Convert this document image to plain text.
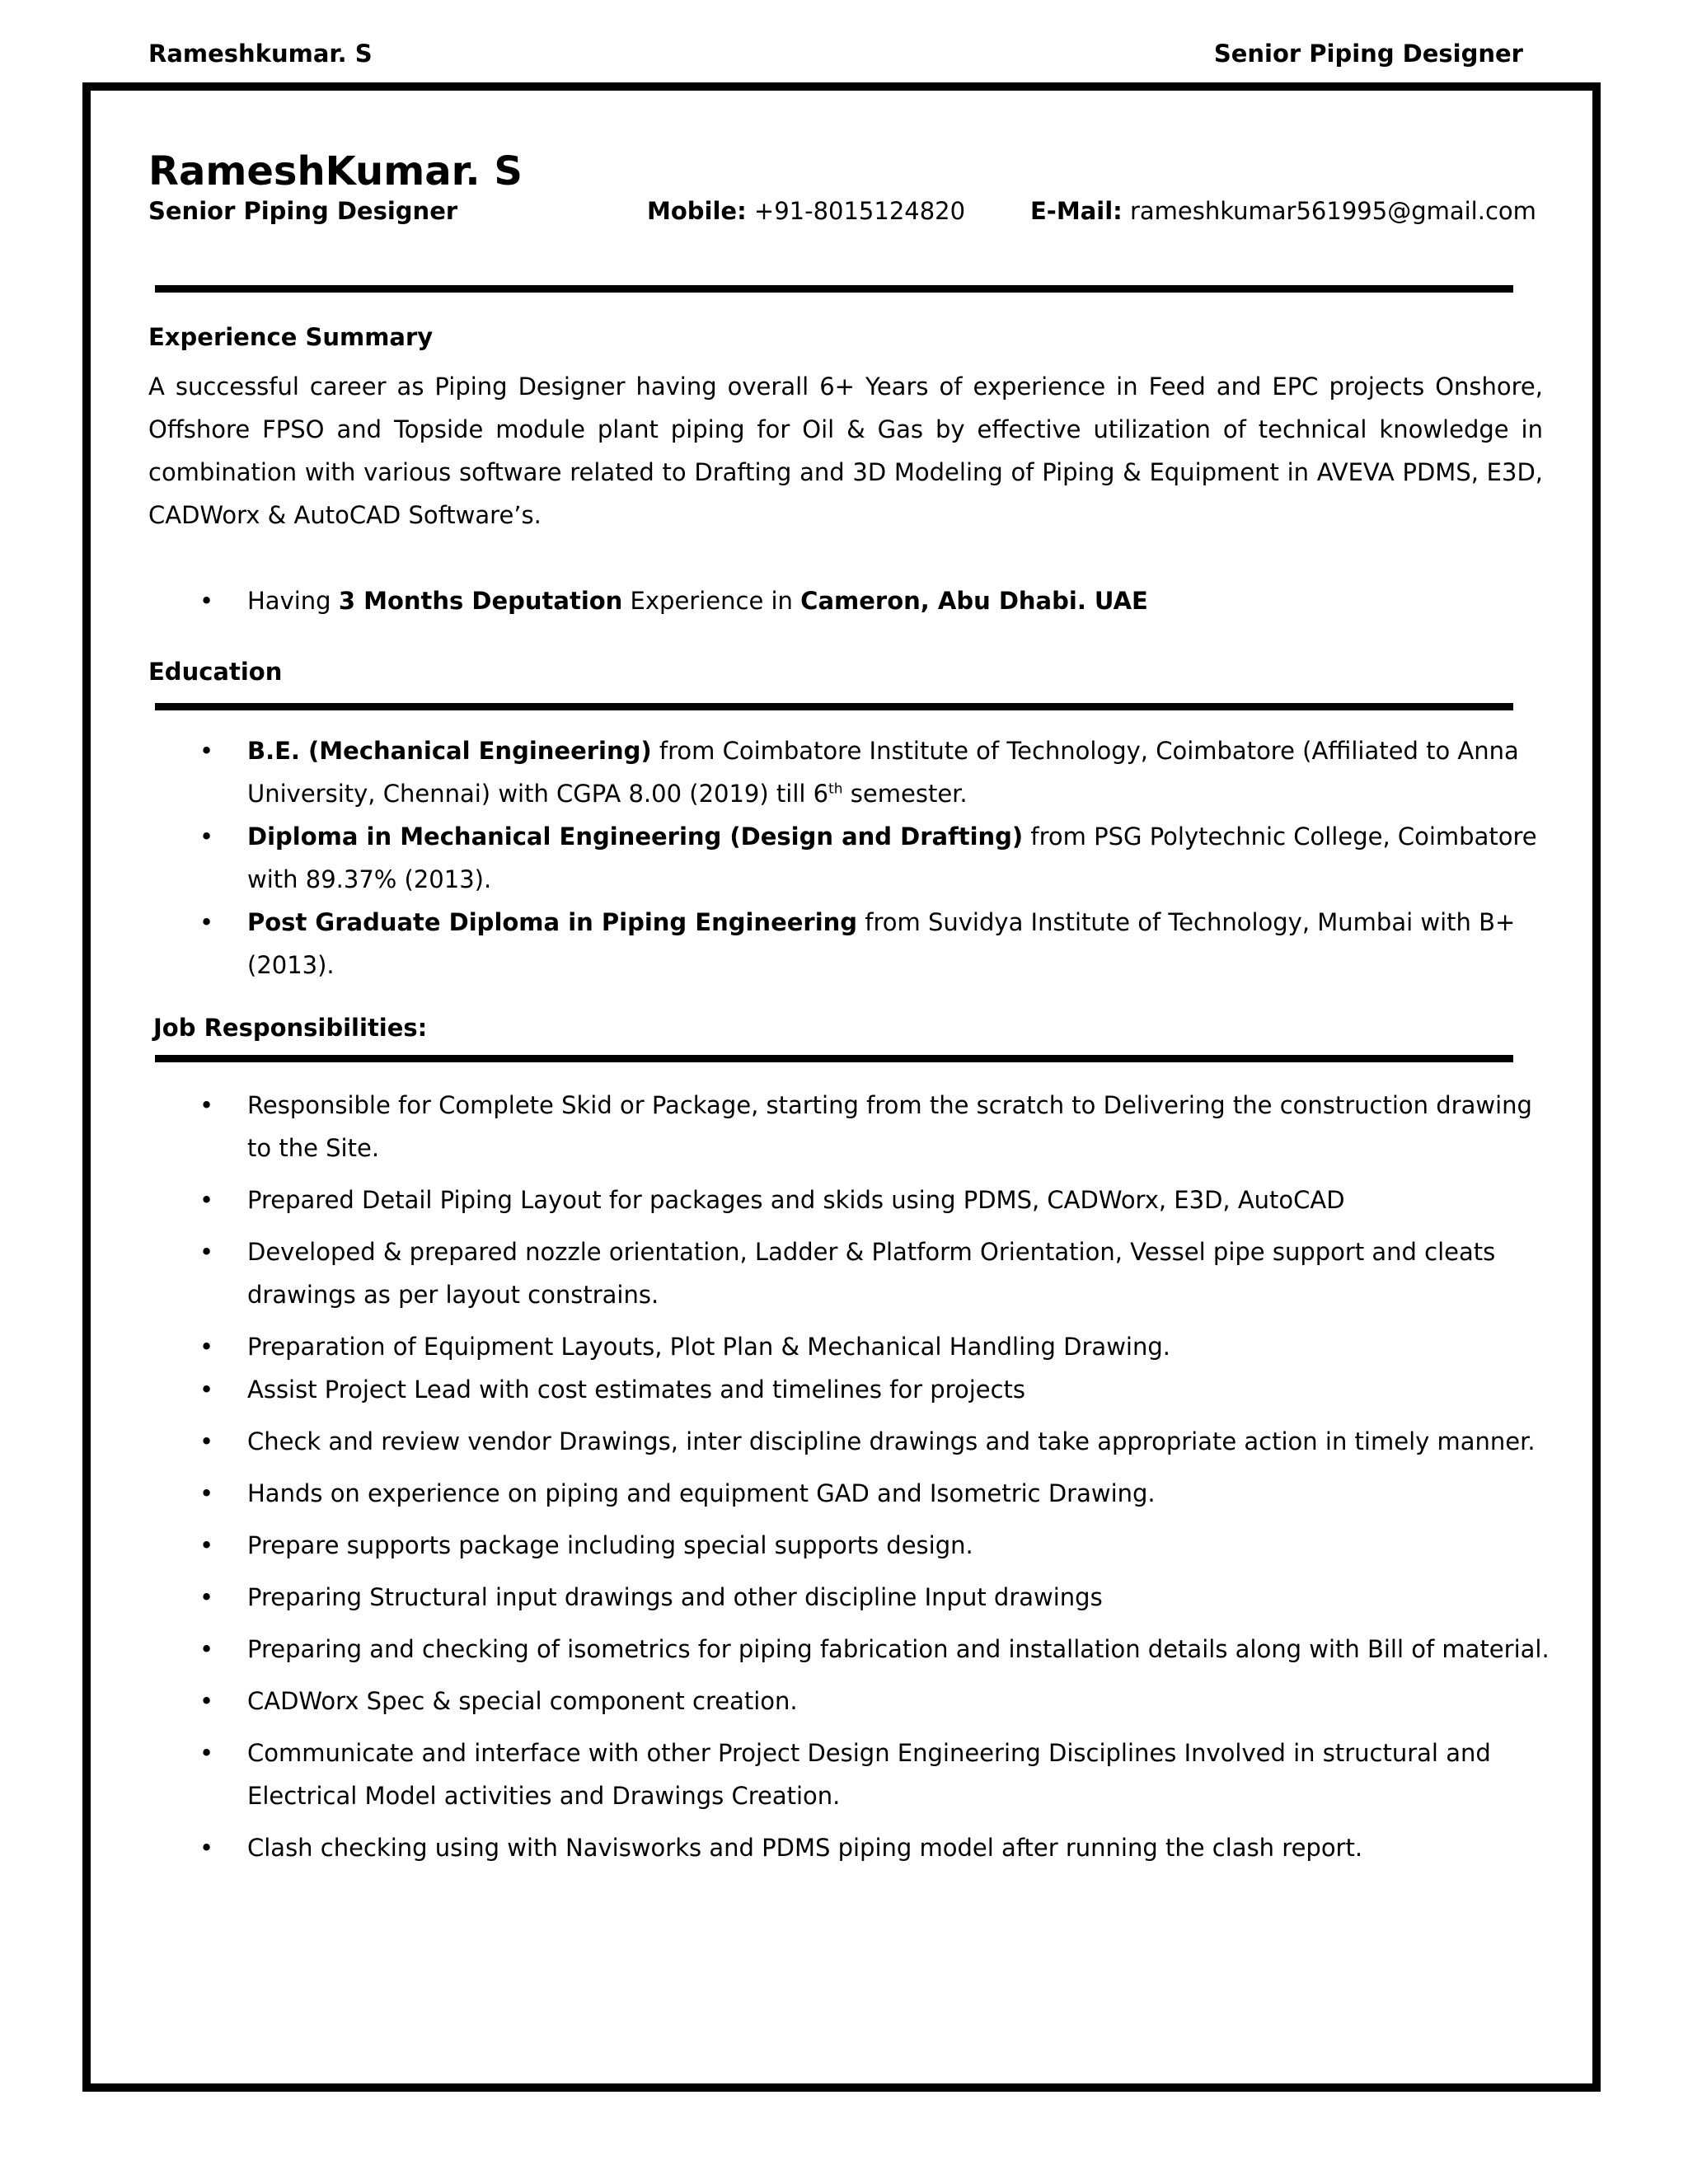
Rameshkumar. S	Senior Piping Designer
RameshKumar. S
Senior Piping Designer	Mobile: +91-8015124820	E-Mail: rameshkumar561995@gmail.com
Experience Summary
A successful career as Piping Designer having overall 6+ Years of experience in Feed and EPC projects Onshore, Offshore FPSO and Topside module plant piping for Oil & Gas by effective utilization of technical knowledge in combination with various software related to Drafting and 3D Modeling of Piping & Equipment in AVEVA PDMS, E3D, CADWorx & AutoCAD Software’s.
• Having 3 Months Deputation Experience in Cameron, Abu Dhabi. UAE
Education
• B.E. (Mechanical Engineering) from Coimbatore Institute of Technology, Coimbatore (Affiliated to Anna University, Chennai) with CGPA 8.00 (2019) till 6th semester.
• Diploma in Mechanical Engineering (Design and Drafting) from PSG Polytechnic College, Coimbatore with 89.37% (2013).
• Post Graduate Diploma in Piping Engineering from Suvidya Institute of Technology, Mumbai with B+ (2013).
Job Responsibilities:
• Responsible for Complete Skid or Package, starting from the scratch to Delivering the construction drawing to the Site.
• Prepared Detail Piping Layout for packages and skids using PDMS, CADWorx, E3D, AutoCAD
• Developed & prepared nozzle orientation, Ladder & Platform Orientation, Vessel pipe support and cleats drawings as per layout constrains.
• Preparation of Equipment Layouts, Plot Plan & Mechanical Handling Drawing.
• Assist Project Lead with cost estimates and timelines for projects
• Check and review vendor Drawings, inter discipline drawings and take appropriate action in timely manner.
• Hands on experience on piping and equipment GAD and Isometric Drawing.
• Prepare supports package including special supports design.
• Preparing Structural input drawings and other discipline Input drawings
• Preparing and checking of isometrics for piping fabrication and installation details along with Bill of material.
• CADWorx Spec & special component creation.
• Communicate and interface with other Project Design Engineering Disciplines Involved in structural and Electrical Model activities and Drawings Creation.
• Clash checking using with Navisworks and PDMS piping model after running the clash report.
